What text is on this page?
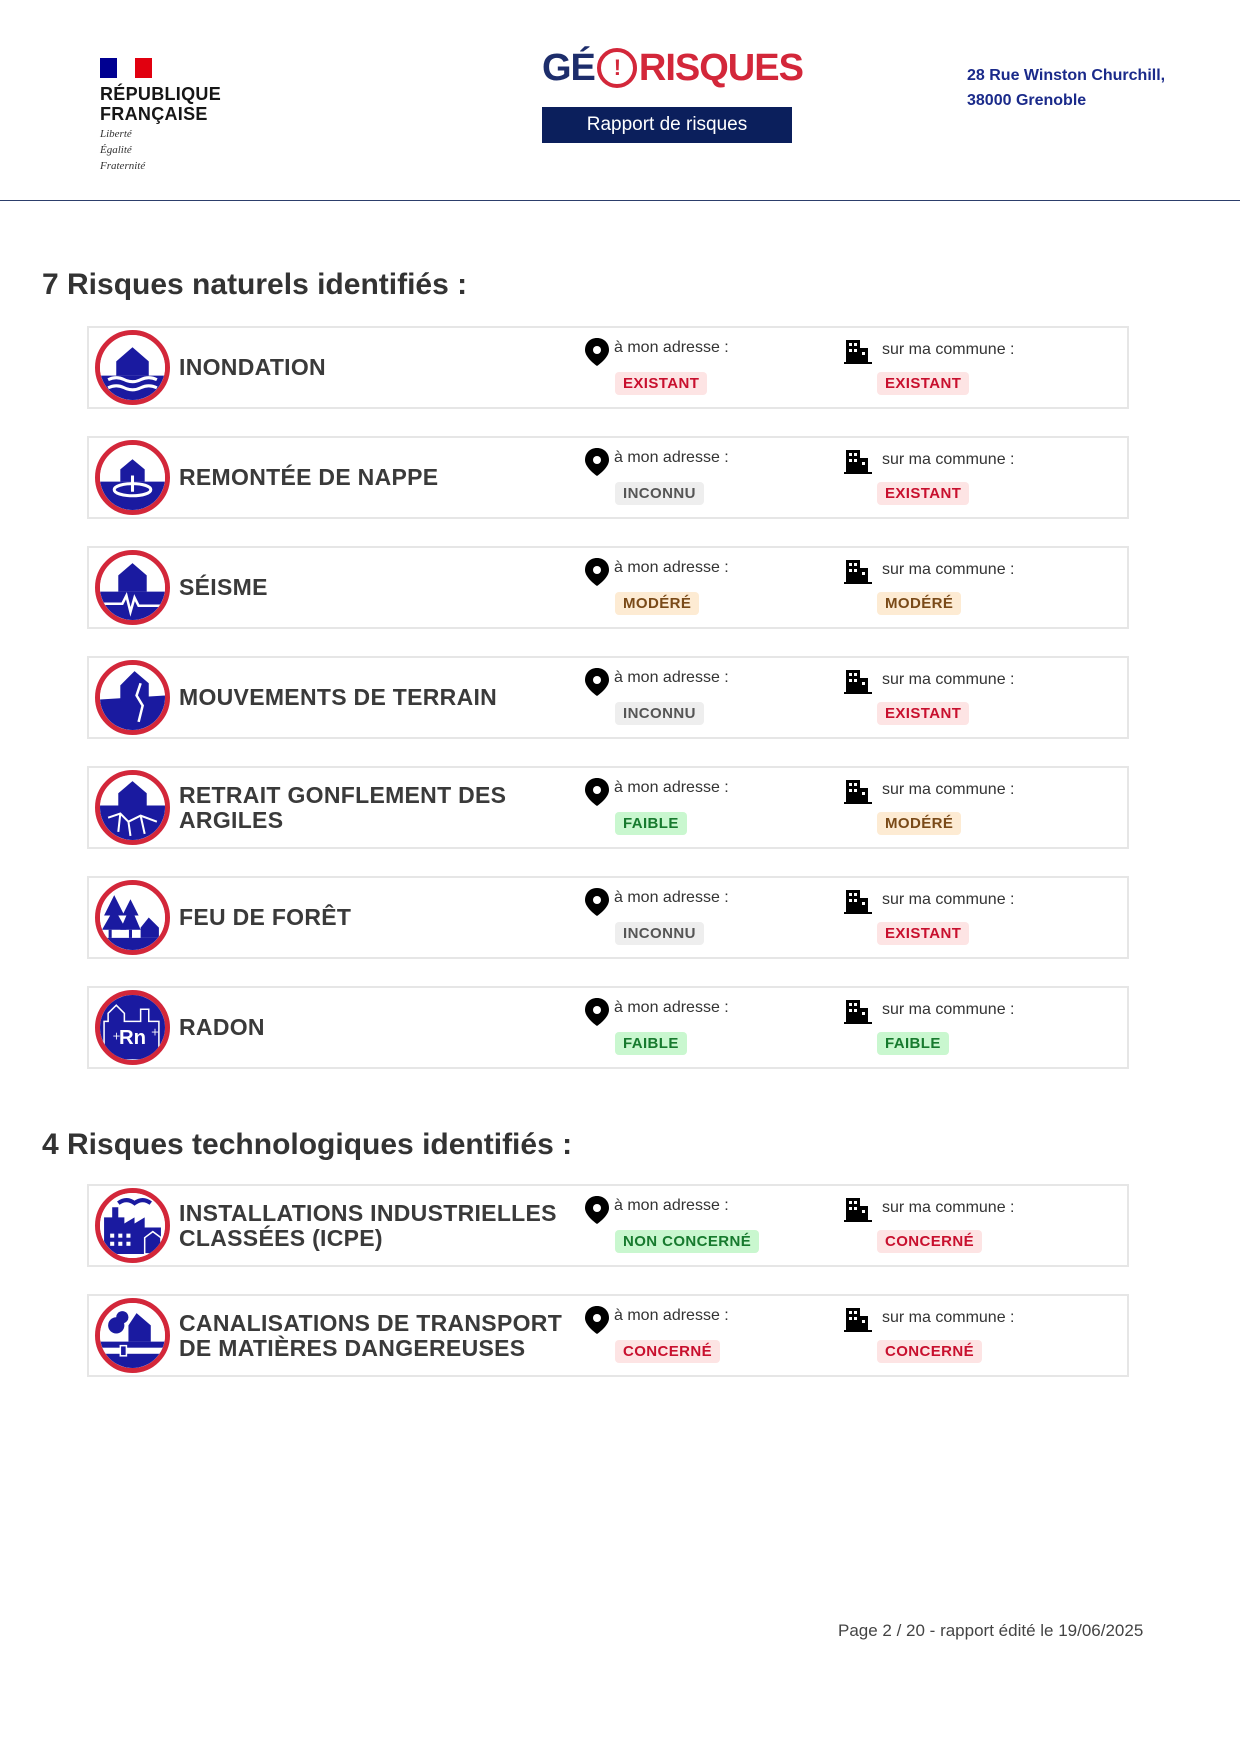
RÉPUBLIQUE
FRANÇAISE
Liberté
Égalité
Fraternité
GÉ ! RISQUES
Rapport de risques
28 Rue Winston Churchill,
38000 Grenoble
7 Risques naturels identifiés :
INONDATION
à mon adresse :
EXISTANT
sur ma commune :
EXISTANT
REMONTÉE DE NAPPE
à mon adresse :
INCONNU
sur ma commune :
EXISTANT
SÉISME
à mon adresse :
MODÉRÉ
sur ma commune :
MODÉRÉ
MOUVEMENTS DE TERRAIN
à mon adresse :
INCONNU
sur ma commune :
EXISTANT
RETRAIT GONFLEMENT DES
ARGILES
à mon adresse :
FAIBLE
sur ma commune :
MODÉRÉ
FEU DE FORÊT
à mon adresse :
INCONNU
sur ma commune :
EXISTANT
Rn
+	+ RADON
à mon adresse :
FAIBLE
sur ma commune :
FAIBLE
4 Risques technologiques identifiés :
INSTALLATIONS INDUSTRIELLES
CLASSÉES (ICPE)
à mon adresse :
NON CONCERNÉ
sur ma commune :
CONCERNÉ
CANALISATIONS DE TRANSPORT
DE MATIÈRES DANGEREUSES
à mon adresse :
CONCERNÉ
sur ma commune :
CONCERNÉ
Page 2 / 20 - rapport édité le 19/06/2025
